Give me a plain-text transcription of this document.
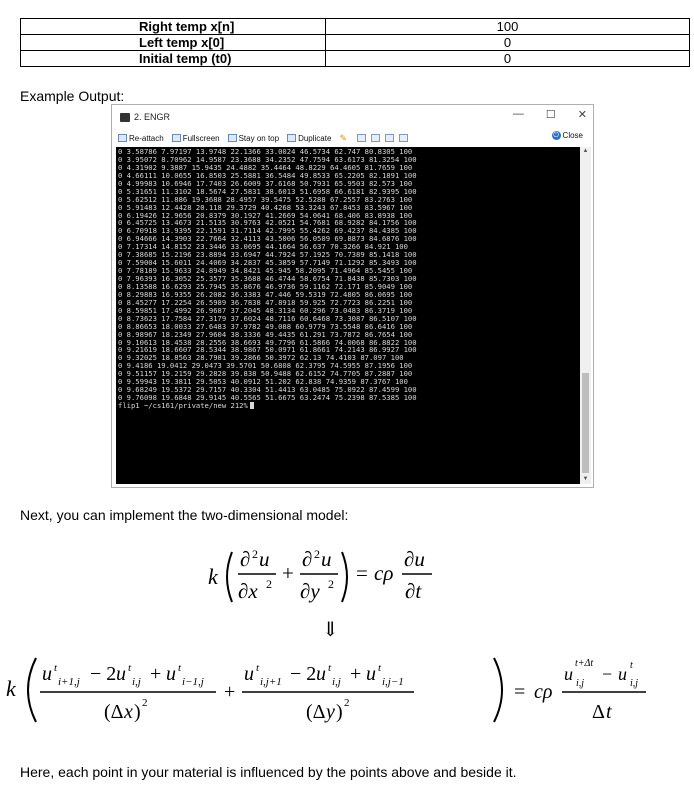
Right temp x[n]	100
Left temp x[0]	0
Initial temp (t0)	0
Example Output:
2. ENGR	— ☐ ✕
Re-attach Fullscreen Stay on top Duplicate ✎	⏻ Close
0 3.58786 7.97197 13.9748 22.1366 33.0024 46.5734 62.747 80.8305 100
0 3.95072 8.70962 14.9587 23.3688 34.2352 47.7594 63.6173 81.3254 100
0 4.31902 9.3887 15.9435 24.4882 35.4464 48.8229 64.4605 81.7659 100
0 4.66111 10.0655 16.8503 25.5881 36.5484 49.8533 65.2205 82.1891 100
0 4.99983 10.6946 17.7403 26.6009 37.6168 50.7931 65.9503 82.573 100
0 5.31651 11.3102 18.5674 27.5831 38.6013 51.6958 66.6181 82.9395 100
0 5.62512 11.886 19.3688 28.4957 39.5475 52.5288 67.2557 83.2763 100
0 5.91483 12.4428 20.118 29.3729 40.4268 53.3243 67.8453 83.5967 100
0 6.19426 12.9656 20.8379 30.1927 41.2669 54.0641 68.406 83.8938 100
0 6.45725 13.4673 21.5135 30.9763 42.0521 54.7681 68.9282 84.1756 100
0 6.70918 13.9395 22.1591 31.7114 42.7995 55.4262 69.4237 84.4385 100
0 6.94666 14.3903 22.7664 32.4113 43.5006 56.0509 69.8873 84.6876 100
0 7.17314 14.8152 23.3446 33.0695 44.1664 56.637 70.3266 84.921 100
0 7.38685 15.2196 23.8894 33.6947 44.7924 57.1925 70.7389 85.1418 100
0 7.59004 15.6011 24.4069 34.2837 45.3859 57.7149 71.1292 85.3493 100
0 7.78189 15.9633 24.8949 34.8421 45.945 58.2095 71.4964 85.5455 100
0 7.96393 16.3052 25.3577 35.3688 46.4744 58.6754 71.8438 85.7303 100
0 8.13588 16.6293 25.7945 35.8676 46.9736 59.1162 72.171 85.9049 100
0 8.29883 16.9355 26.2082 36.3383 47.446 59.5319 72.4805 86.0695 100
0 8.45277 17.2254 26.5989 36.7838 47.8918 59.925 72.7723 86.2251 100
0 8.59851 17.4992 26.9687 37.2045 48.3134 60.296 73.0483 86.3719 100
0 8.73623 17.7584 27.3179 37.6024 48.7116 60.6468 73.3087 86.5107 100
0 8.86653 18.0033 27.6483 37.9782 49.088 60.9779 73.5548 86.6416 100
0 8.98967 18.2349 27.9604 38.3336 49.4435 61.291 73.7872 86.7654 100
0 9.10613 18.4538 28.2556 38.6693 49.7796 61.5866 74.0068 86.8822 100
0 9.21619 18.6607 28.5344 38.9867 50.0971 61.8661 74.2143 86.9927 100
0 9.32025 18.8563 28.7981 39.2866 50.3972 62.13 74.4103 87.097 100
0 9.4186 19.0412 29.0473 39.5701 50.6808 62.3795 74.5955 87.1956 100
0 9.51157 19.2159 29.2828 39.838 50.9488 62.6152 74.7705 87.2887 100
0 9.59943 19.3811 29.5053 40.0912 51.202 62.838 74.9359 87.3767 100
0 9.68249 19.5372 29.7157 40.3304 51.4413 63.0485 75.0922 87.4599 100
0 9.76098 19.6848 29.9145 40.5565 51.6675 63.2474 75.2398 87.5385 100
flip1 ~/cs161/private/new 212%
▲
▼
Next, you can implement the two-dimensional model:
k
∂ 2 u
∂x 2 +
∂ 2 u
∂y 2 = cρ
∂u
∂t
⇓
k
u t
i+1,j − 2 u t
i,j + u t
i−1,j
(Δ x ) 2	+
u t
i,j+1 − 2 u t
i,j + u t
i,j−1
(Δ y ) 2	= cρ
u
t+Δt
i,j − u t
i,j
Δ t
Here, each point in your material is influenced by the points above and beside it.
